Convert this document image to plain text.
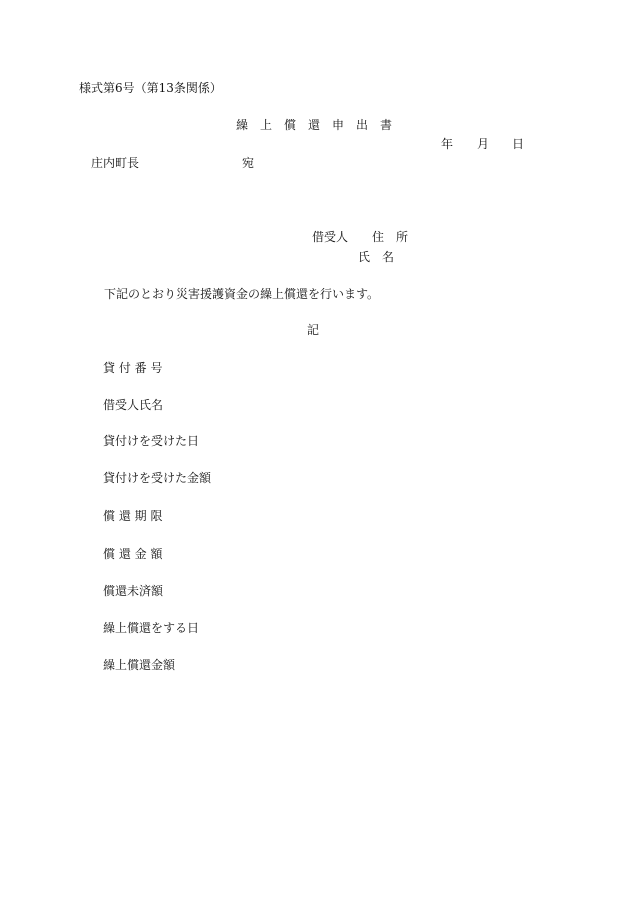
様式第6号（第13条関係）
繰　上　償　還　申　出　書
年 月 日
庄内町長	宛
借受人 住　所
氏　名
下記のとおり災害援護資金の繰上償還を行います。
記
貸 付 番 号
借受人氏名
貸付けを受けた日
貸付けを受けた金額
償 還 期 限
償 還 金 額
償還未済額
繰上償還をする日
繰上償還金額
